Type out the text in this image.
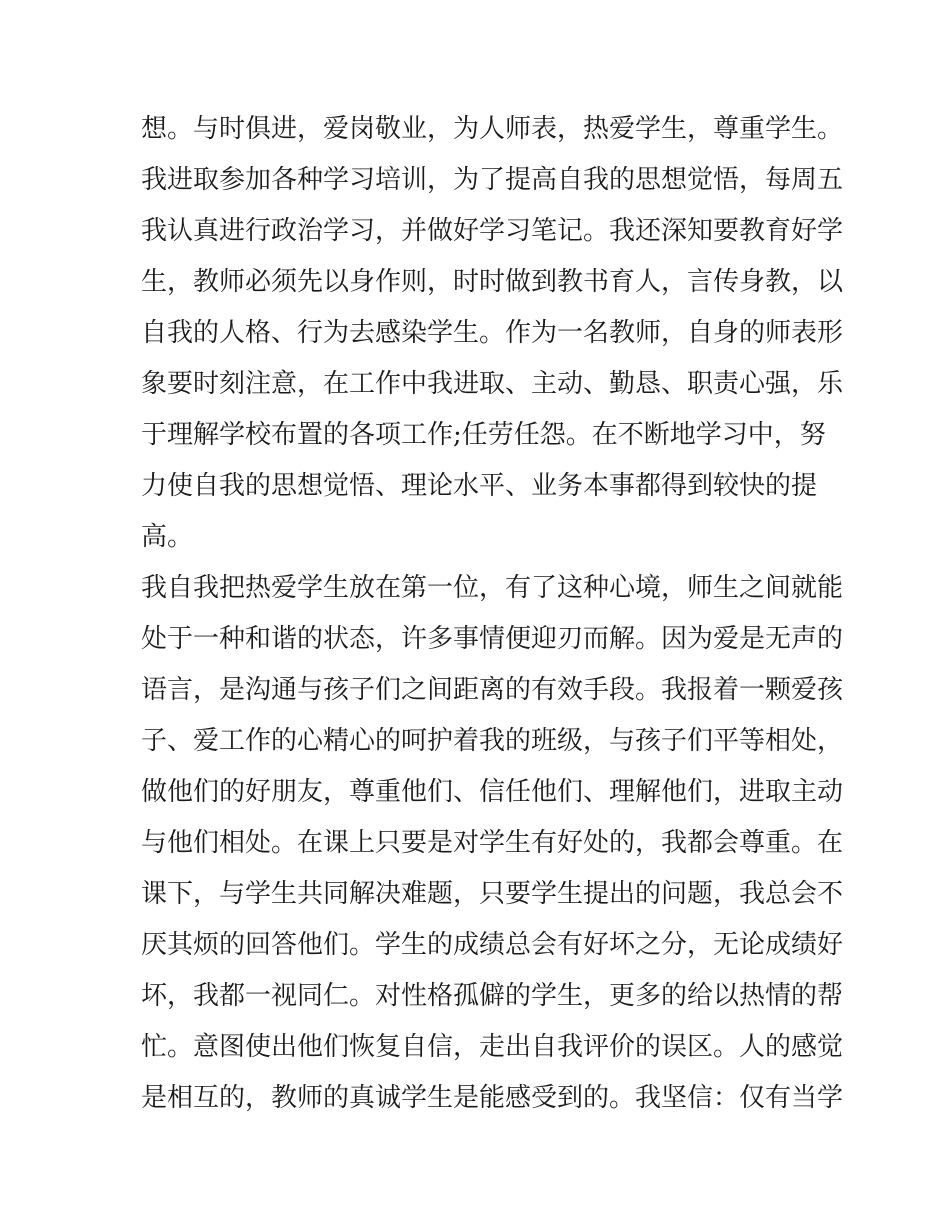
想。与时俱进，爱岗敬业，为人师表，热爱学生，尊重学生。
我进取参加各种学习培训，为了提高自我的思想觉悟，每周五
我认真进行政治学习，并做好学习笔记。我还深知要教育好学
生，教师必须先以身作则，时时做到教书育人，言传身教，以
自我的人格、行为去感染学生。作为一名教师，自身的师表形
象要时刻注意，在工作中我进取、主动、勤恳、职责心强，乐
于理解学校布置的各项工作;任劳任怨。在不断地学习中，努
力使自我的思想觉悟、理论水平、业务本事都得到较快的提
高。
我自我把热爱学生放在第一位，有了这种心境，师生之间就能
处于一种和谐的状态，许多事情便迎刃而解。因为爱是无声的
语言，是沟通与孩子们之间距离的有效手段。我报着一颗爱孩
子、爱工作的心精心的呵护着我的班级，与孩子们平等相处，
做他们的好朋友，尊重他们、信任他们、理解他们，进取主动
与他们相处。在课上只要是对学生有好处的，我都会尊重。在
课下，与学生共同解决难题，只要学生提出的问题，我总会不
厌其烦的回答他们。学生的成绩总会有好坏之分，无论成绩好
坏，我都一视同仁。对性格孤僻的学生，更多的给以热情的帮
忙。意图使出他们恢复自信，走出自我评价的误区。人的感觉
是相互的，教师的真诚学生是能感受到的。我坚信：仅有当学
